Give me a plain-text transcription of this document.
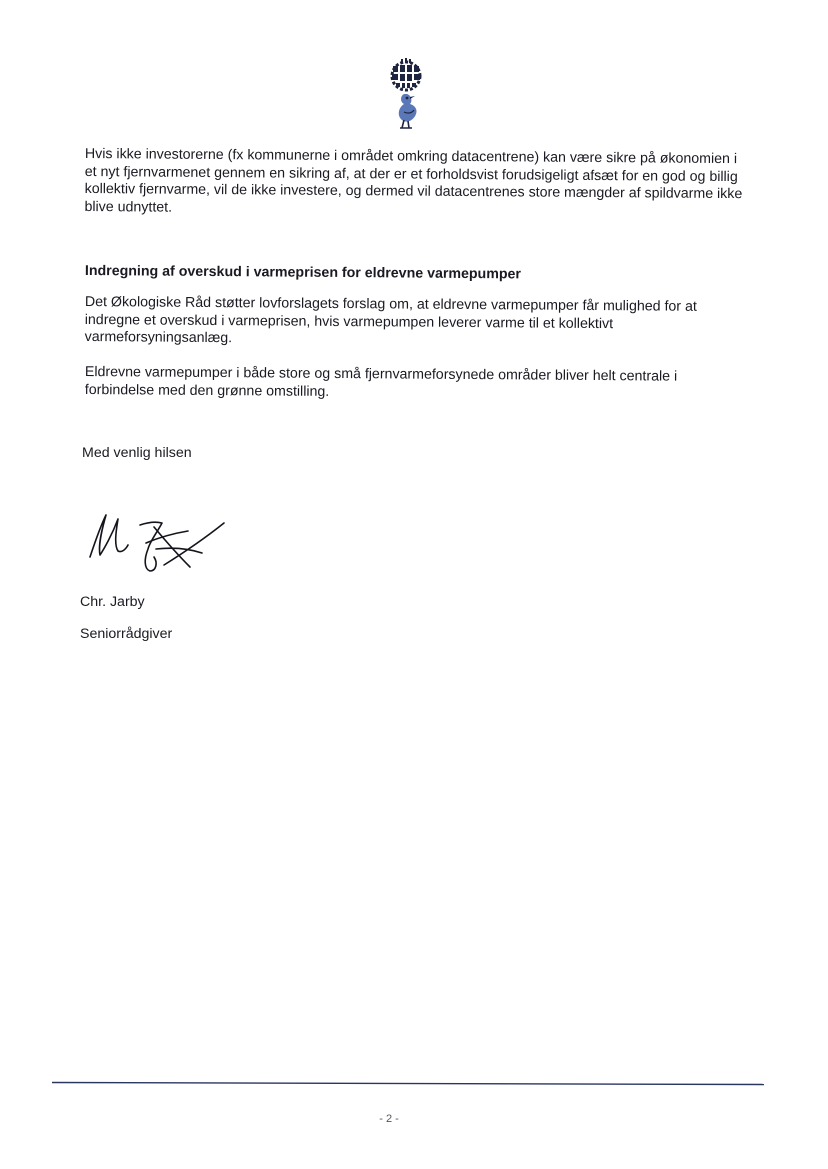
Hvis ikke investorerne (fx kommunerne i området omkring datacentrene) kan være sikre på økonomien i et nyt fjernvarmenet gennem en sikring af, at der er et forholdsvist forudsigeligt afsæt for en god og billig kollektiv fjernvarme, vil de ikke investere, og dermed vil datacentrenes store mængder af spildvarme ikke blive udnyttet.

Indregning af overskud i varmeprisen for eldrevne varmepumper

Det Økologiske Råd støtter lovforslagets forslag om, at eldrevne varmepumper får mulighed for at indregne et overskud i varmeprisen, hvis varmepumpen leverer varme til et kollektivt varmeforsyningsanlæg.

Eldrevne varmepumper i både store og små fjernvarmeforsynede områder bliver helt centrale i forbindelse med den grønne omstilling.

Med venlig hilsen

Chr. Jarby

Seniorrådgiver

- 2 -
